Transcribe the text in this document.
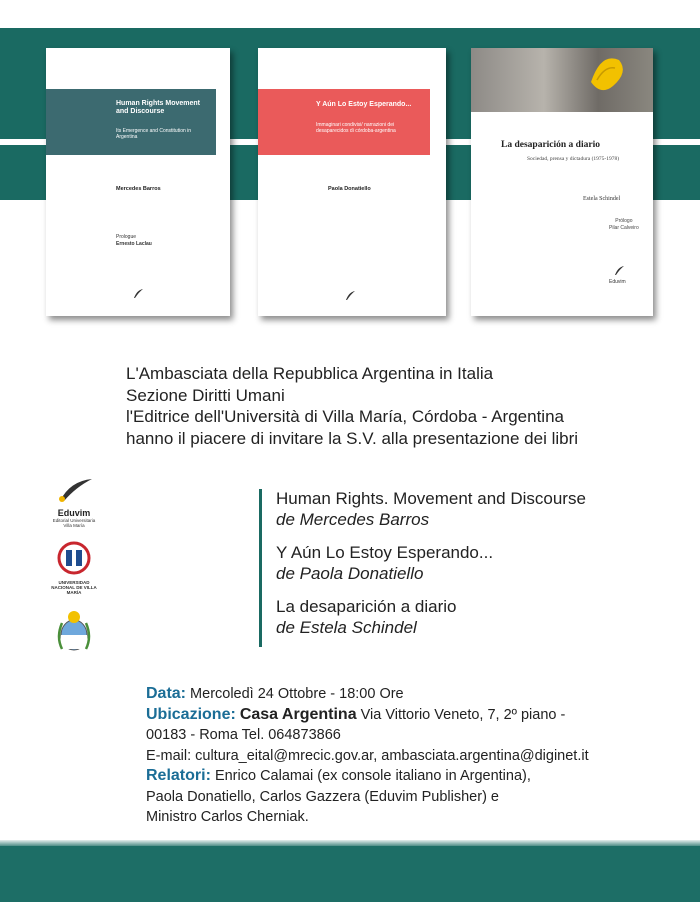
Human Rights Movement and Discourse
Its Emergence and Constitution in Argentina
Mercedes Barros
Prologue
Ernesto Laclau
Y Aún Lo Estoy Esperando...
Immaginari condivisi/ narrazioni dei desaparecidos di córdoba-argentina
Paola Donatiello
La desaparición a diario
Sociedad, prensa y dictadura (1975-1978)
Estela Schindel
Prólogo
Pilar Calveiro
Eduvim
L'Ambasciata della Repubblica Argentina in Italia
Sezione Diritti Umani
l'Editrice dell'Università di Villa María, Córdoba - Argentina
hanno il piacere di invitare la S.V. alla presentazione dei libri
Eduvim
Editorial Universitaria Villa María
UNIVERSIDAD NACIONAL DE VILLA MARÍA
Human Rights. Movement and Discourse
de Mercedes Barros
Y Aún Lo Estoy Esperando...
de Paola Donatiello
La desaparición a diario
de Estela Schindel
Data: Mercoledì 24 Ottobre - 18:00 Ore
Ubicazione: Casa Argentina Via Vittorio Veneto, 7, 2º piano -
00183 - Roma Tel. 064873866
E-mail: cultura_eital@mrecic.gov.ar, ambasciata.argentina@diginet.it
Relatori: Enrico Calamai (ex console italiano in Argentina),
Paola Donatiello, Carlos Gazzera (Eduvim Publisher) e
Ministro Carlos Cherniak.
